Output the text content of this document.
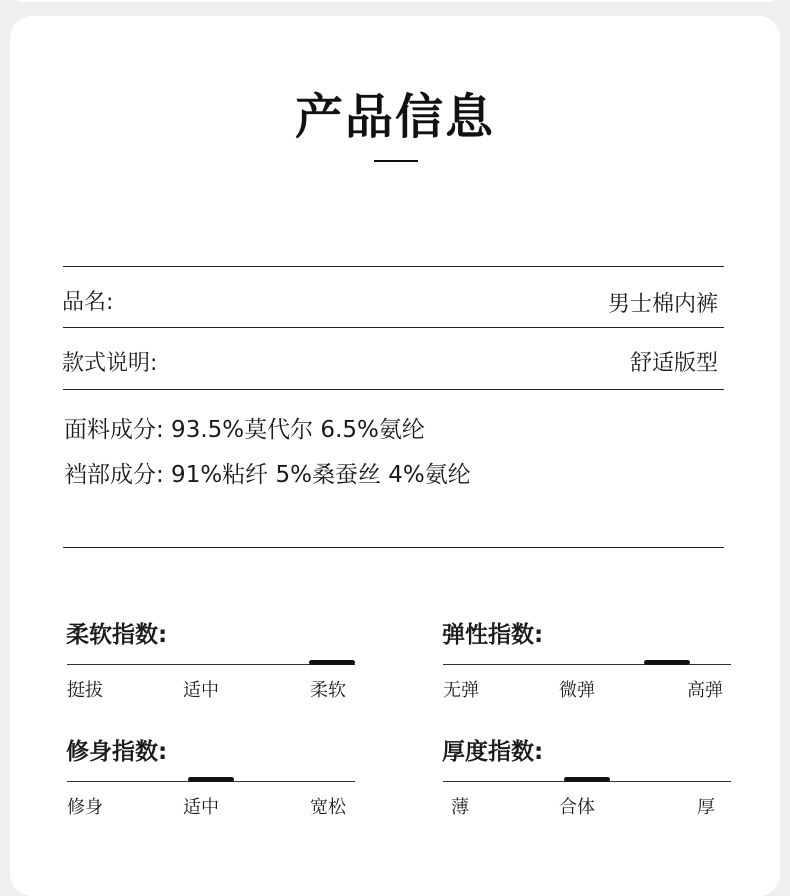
产品信息
品名:	男士棉内裤
款式说明:	舒适版型
面料成分: 93.5%莫代尔 6.5%氨纶
裆部成分: 91%粘纤 5%桑蚕丝 4%氨纶
柔软指数:
挺拔	适中	柔软
弹性指数:
无弹	微弹	高弹
修身指数:
修身	适中	宽松
厚度指数:
薄	合体	厚
